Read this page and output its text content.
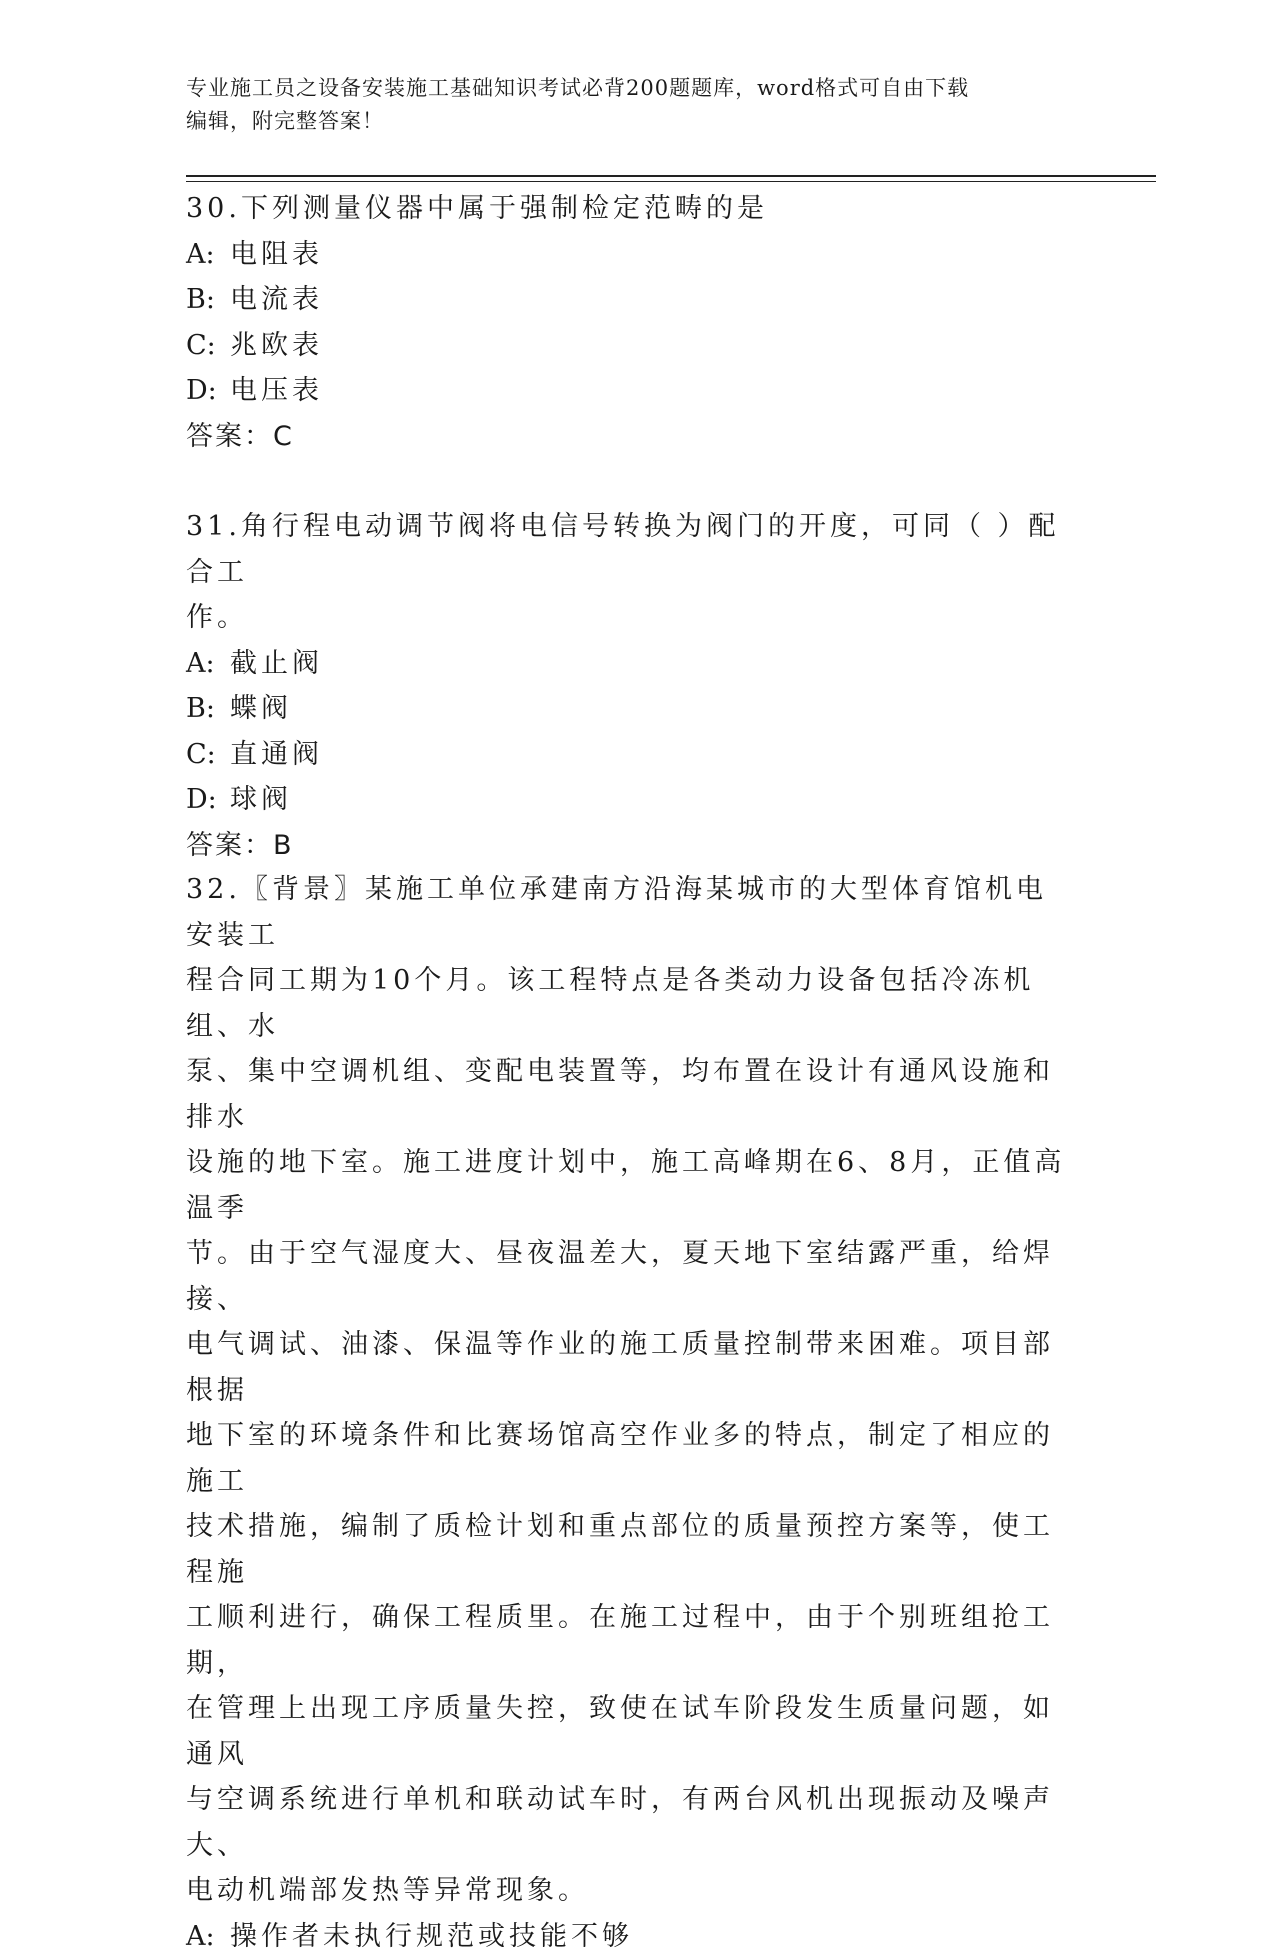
专业施工员之设备安装施工基础知识考试必背200题题库，word格式可自由下载
编辑，附完整答案！
30.下列测量仪器中属于强制检定范畴的是
A: 电阻表
B: 电流表
C: 兆欧表
D: 电压表
答案：C
31.角行程电动调节阀将电信号转换为阀门的开度，可同（ ）配合工
作。
A: 截止阀
B: 蝶阀
C: 直通阀
D: 球阀
答案：B
32.〖背景〗某施工单位承建南方沿海某城市的大型体育馆机电安装工
程合同工期为10个月。该工程特点是各类动力设备包括冷冻机组、水
泵、集中空调机组、变配电装置等，均布置在设计有通风设施和排水
设施的地下室。施工进度计划中，施工高峰期在6、8月，正值高温季
节。由于空气湿度大、昼夜温差大，夏天地下室结露严重，给焊接、
电气调试、油漆、保温等作业的施工质量控制带来困难。项目部根据
地下室的环境条件和比赛场馆高空作业多的特点，制定了相应的施工
技术措施，编制了质检计划和重点部位的质量预控方案等，使工程施
工顺利进行，确保工程质里。在施工过程中，由于个别班组抢工期，
在管理上出现工序质量失控，致使在试车阶段发生质量问题，如通风
与空调系统进行单机和联动试车时，有两台风机出现振动及噪声大、
电动机端部发热等异常现象。
A: 操作者未执行规范或技能不够
